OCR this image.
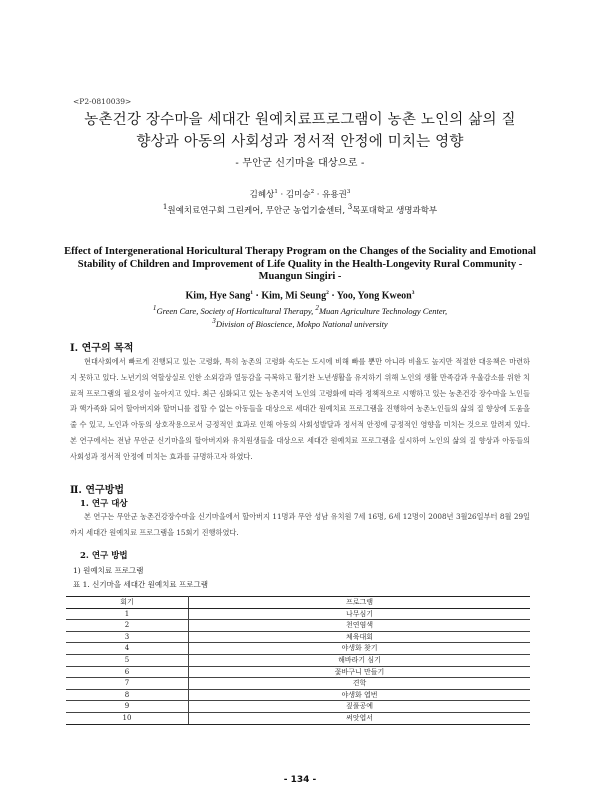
<P2-0810039>
농촌건강 장수마을 세대간 원예치료프로그램이 농촌 노인의 삶의 질
향상과 아동의 사회성과 정서적 안정에 미치는 영향
- 무안군 신기마을 대상으로 -
김혜상$^1$ · 김미승$^2$ · 유용권$^3$
$^1$원예치료연구회 그린케어, 무안군 농업기술센터, $^3$목포대학교 생명과학부
Effect of Intergenerational Horicultural Therapy Program on the Changes of the Sociality and Emotional Stability of Children and Improvement of Life Quality in the Health-Longevity Rural Community - Muangun Singiri -
Kim, Hye Sang$^1$ · Kim, Mi Seung$^2$ · Yoo, Yong Kweon$^3$
$^1$Green Care, Society of Horticultural Therapy, $^2$Muan Agriculture Technology Center,
$^3$Division of Bioscience, Mokpo National university
Ⅰ. 연구의 목적
현대사회에서 빠르게 진행되고 있는 고령화, 특히 농촌의 고령화 속도는 도시에 비해 빠를 뿐만 아니라 비율도 높지만 적절한 대응책은 마련하지 못하고 있다. 노년기의 역할상실로 인한 소외감과 열등감을 극복하고 활기찬 노년생활을 유지하기 위해 노인의 생활 만족감과 우울감소를 위한 치료적 프로그램의 필요성이 높아지고 있다. 최근 심화되고 있는 농촌지역 노인의 고령화에 따라 정책적으로 시행하고 있는 농촌건강 장수마을 노인들과 핵가족화 되어 할아버지와 할머니를 접할 수 없는 아동들을 대상으로 세대간 원예치료 프로그램을 진행하여 농촌노인들의 삶의 질 향상에 도움을 줄 수 있고, 노인과 아동의 상호작용으로서 긍정적인 효과로 인해 아동의 사회성발달과 정서적 안정에 긍정적인 영향을 미치는 것으로 알려져 있다. 본 연구에서는 전남 무안군 신기마을의 할아버지와 유치원생들을 대상으로 세대간 원예치료 프로그램을 실시하여 노인의 삶의 질 향상과 아동들의 사회성과 정서적 안정에 미치는 효과를 규명하고자 하였다.
Ⅱ. 연구방법
1. 연구 대상
본 연구는 무안군 농촌건강장수마을 신기마을에서 할아버지 11명과 무안 성남 유치원 7세 16명, 6세 12명이 2008년 3월26일부터 8월 29일까지 세대간 원예치료 프로그램을 15회기 진행하였다.
2. 연구 방법
1) 원예치료 프로그램
표 1. 신기마을 세대간 원예치료 프로그램
회기	프로그램
1	나무심기
2	천연염색
3	체육대회
4	야생화 찾기
5	해바라기 심기
6	꽃바구니 만들기
7	견학
8	야생화 엽번
9	짚풀공예
10	써앗엽서
- 134 -
